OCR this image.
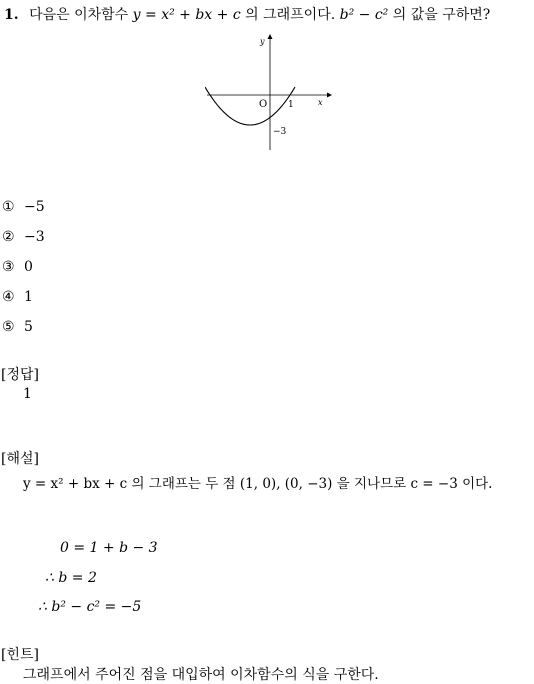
1. 다음은 이차함수 y = x² + bx + c 의 그래프이다. b² − c² 의 값을 구하면?
y
x
O 1
−3
① −5
② −3
③ 0
④ 1
⑤ 5
[정답]
1
[해설]
y = x² + bx + c 의 그래프는 두 점 (1, 0), (0, −3) 을 지나므로 c = −3 이다.
0 = 1 + b − 3
∴ b = 2
∴ b² − c² = −5
[힌트]
그래프에서 주어진 점을 대입하여 이차함수의 식을 구한다.
